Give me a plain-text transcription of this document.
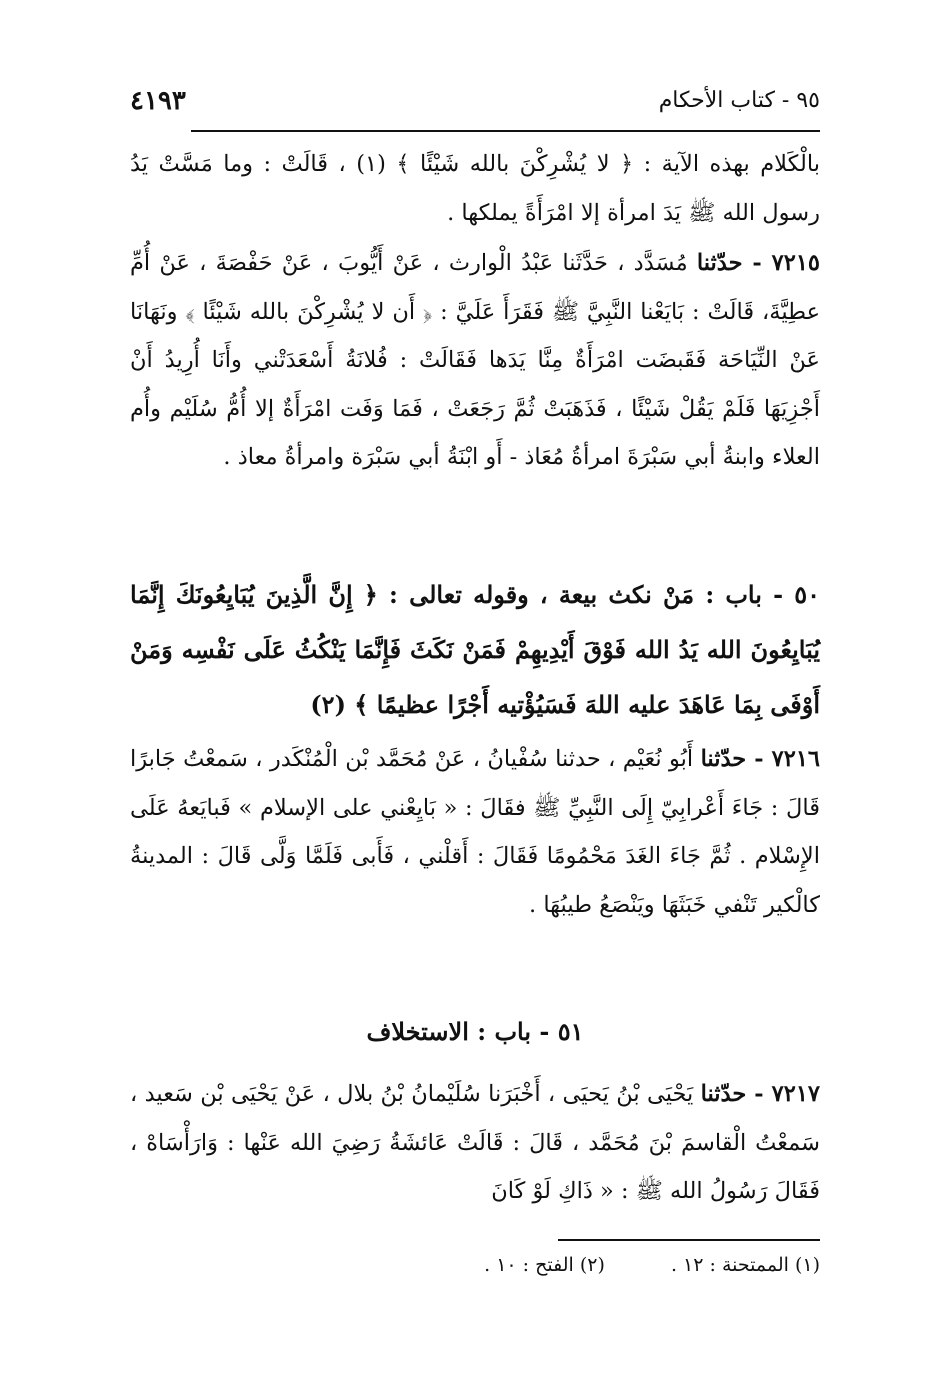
٤١٩٣	٩٥ - كتاب الأحكام

بالْكَلام بهذه الآية : ﴿ لا يُشْرِكْنَ بالله شَيْئًا ﴾ (١) ، قَالَتْ : وما مَسَّتْ يَدُ رسول الله ﷺ يَدَ امرأة إلا امْرَأَةً يملكها .

٧٢١٥ - حدّثنا مُسَدَّد ، حَدَّثَنا عَبْدُ الْوارث ، عَنْ أَيُّوبَ ، عَنْ حَفْصَةَ ، عَنْ أُمِّ عطِيَّةَ، قَالَتْ : بَايَعْنا النَّبِيَّ ﷺ فَقَرَأَ عَلَيَّ : ﴿ أَن لا يُشْرِكْنَ بالله شَيْئًا ﴾ ونَهَانَا عَنْ النِّيَاحَة فَقَبضَت امْرَأَةٌ مِنَّا يَدَها فَقَالَتْ : فُلانَةُ أَسْعَدَتْني وأَنَا أُرِيدُ أَنْ أَجْزِيَهَا فَلَمْ يَقُلْ شَيْئًا ، فَذَهَبَتْ ثُمَّ رَجَعَتْ ، فَمَا وَفَت امْرَأَةٌ إلا أُمُّ سُلَيْم وأُم العلاء وابنةُ أبي سَبْرَةَ امرأةُ مُعَاذ - أَو ابْنَةُ أبي سَبْرَة وامرأةُ معاذ .

٥٠ - باب : مَنْ نكث بيعة ، وقوله تعالى : ﴿ إِنَّ الَّذِينَ يُبَايِعُونَكَ إِنَّمَا يُبَايِعُونَ الله يَدُ الله فَوْقَ أَيْدِيهِمْ فَمَنْ نَكَثَ فَإِنَّمَا يَنْكُثُ عَلَى نَفْسِه وَمَنْ أَوْفَى بِمَا عَاهَدَ عليه اللهَ فَسَيُؤْتيه أَجْرًا عظيمًا ﴾ (٢)

٧٢١٦ - حدّثنا أَبُو نُعَيْم ، حدثنا سُفْيانُ ، عَنْ مُحَمَّد بْن الْمُنْكَدر ، سَمعْتُ جَابرًا قَالَ : جَاءَ أَعْرابِيّ إِلَى النَّبِيِّ ﷺ فقَالَ : « بَايِعْني على الإسلام » فَبايَعهُ عَلَى الإِسْلام . ثُمَّ جَاءَ الغَدَ مَحْمُومًا فَقَالَ : أَقلْني ، فَأَبى فَلَمَّا وَلَّى قَالَ : المدينةُ كالْكير تَنْفي خَبَثَهَا ويَنْصَعُ طيبُهَا .

٥١ - باب : الاستخلاف

٧٢١٧ - حدّثنا يَحْيَى بْنُ يَحيَى ، أَخْبَرَنا سُلَيْمانُ بْنُ بلال ، عَنْ يَحْيَى بْن سَعيد ، سَمعْتُ الْقاسمَ بْنَ مُحَمَّد ، قَالَ : قَالَتْ عَائشَةُ رَضِيَ الله عَنْها : وَارَأْسَاهْ ، فَقَالَ رَسُولُ الله ﷺ : « ذَاكِ لَوْ كَانَ

(١) الممتحنة : ١٢ . (٢) الفتح : ١٠ .
